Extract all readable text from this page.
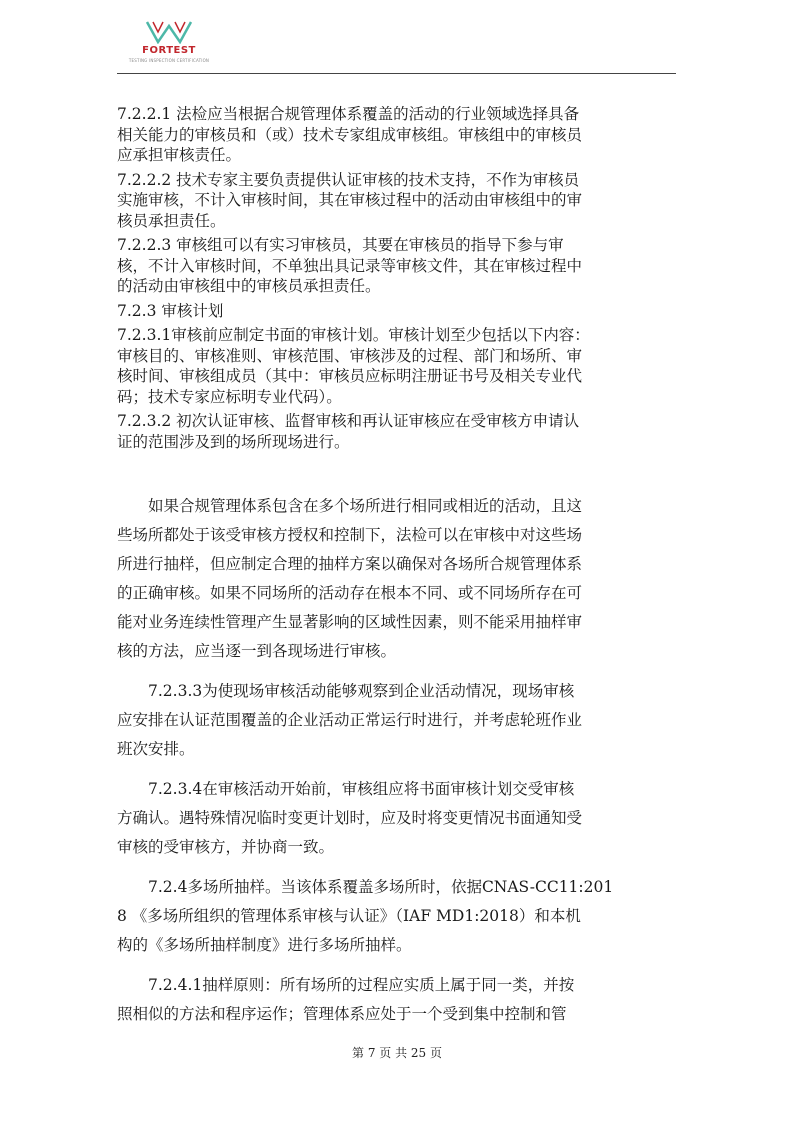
FORTEST
TESTING INSPECTION CERTIFICATION

7.2.2.1 法检应当根据合规管理体系覆盖的活动的行业领域选择具备

相关能力的审核员和（或）技术专家组成审核组。审核组中的审核员

应承担审核责任。

7.2.2.2 技术专家主要负责提供认证审核的技术支持，不作为审核员

实施审核，不计入审核时间，其在审核过程中的活动由审核组中的审

核员承担责任。

7.2.2.3 审核组可以有实习审核员，其要在审核员的指导下参与审

核，不计入审核时间，不单独出具记录等审核文件，其在审核过程中

的活动由审核组中的审核员承担责任。

7.2.3 审核计划

7.2.3.1审核前应制定书面的审核计划。审核计划至少包括以下内容：

审核目的、审核准则、审核范围、审核涉及的过程、部门和场所、审

核时间、审核组成员（其中：审核员应标明注册证书号及相关专业代

码；技术专家应标明专业代码）。

7.2.3.2 初次认证审核、监督审核和再认证审核应在受审核方申请认

证的范围涉及到的场所现场进行。

　　如果合规管理体系包含在多个场所进行相同或相近的活动，且这

些场所都处于该受审核方授权和控制下，法检可以在审核中对这些场

所进行抽样，但应制定合理的抽样方案以确保对各场所合规管理体系

的正确审核。如果不同场所的活动存在根本不同、或不同场所存在可

能对业务连续性管理产生显著影响的区域性因素，则不能采用抽样审

核的方法，应当逐一到各现场进行审核。

　　7.2.3.3为使现场审核活动能够观察到企业活动情况，现场审核

应安排在认证范围覆盖的企业活动正常运行时进行，并考虑轮班作业

班次安排。

　　7.2.3.4在审核活动开始前，审核组应将书面审核计划交受审核

方确认。遇特殊情况临时变更计划时，应及时将变更情况书面通知受

审核的受审核方，并协商一致。

　　7.2.4多场所抽样。当该体系覆盖多场所时，依据CNAS-CC11:201

8 《多场所组织的管理体系审核与认证》（IAF MD1:2018）和本机

构的《多场所抽样制度》进行多场所抽样。

　　7.2.4.1抽样原则：所有场所的过程应实质上属于同一类，并按

照相似的方法和程序运作；管理体系应处于一个受到集中控制和管

第 7 页 共 25 页
